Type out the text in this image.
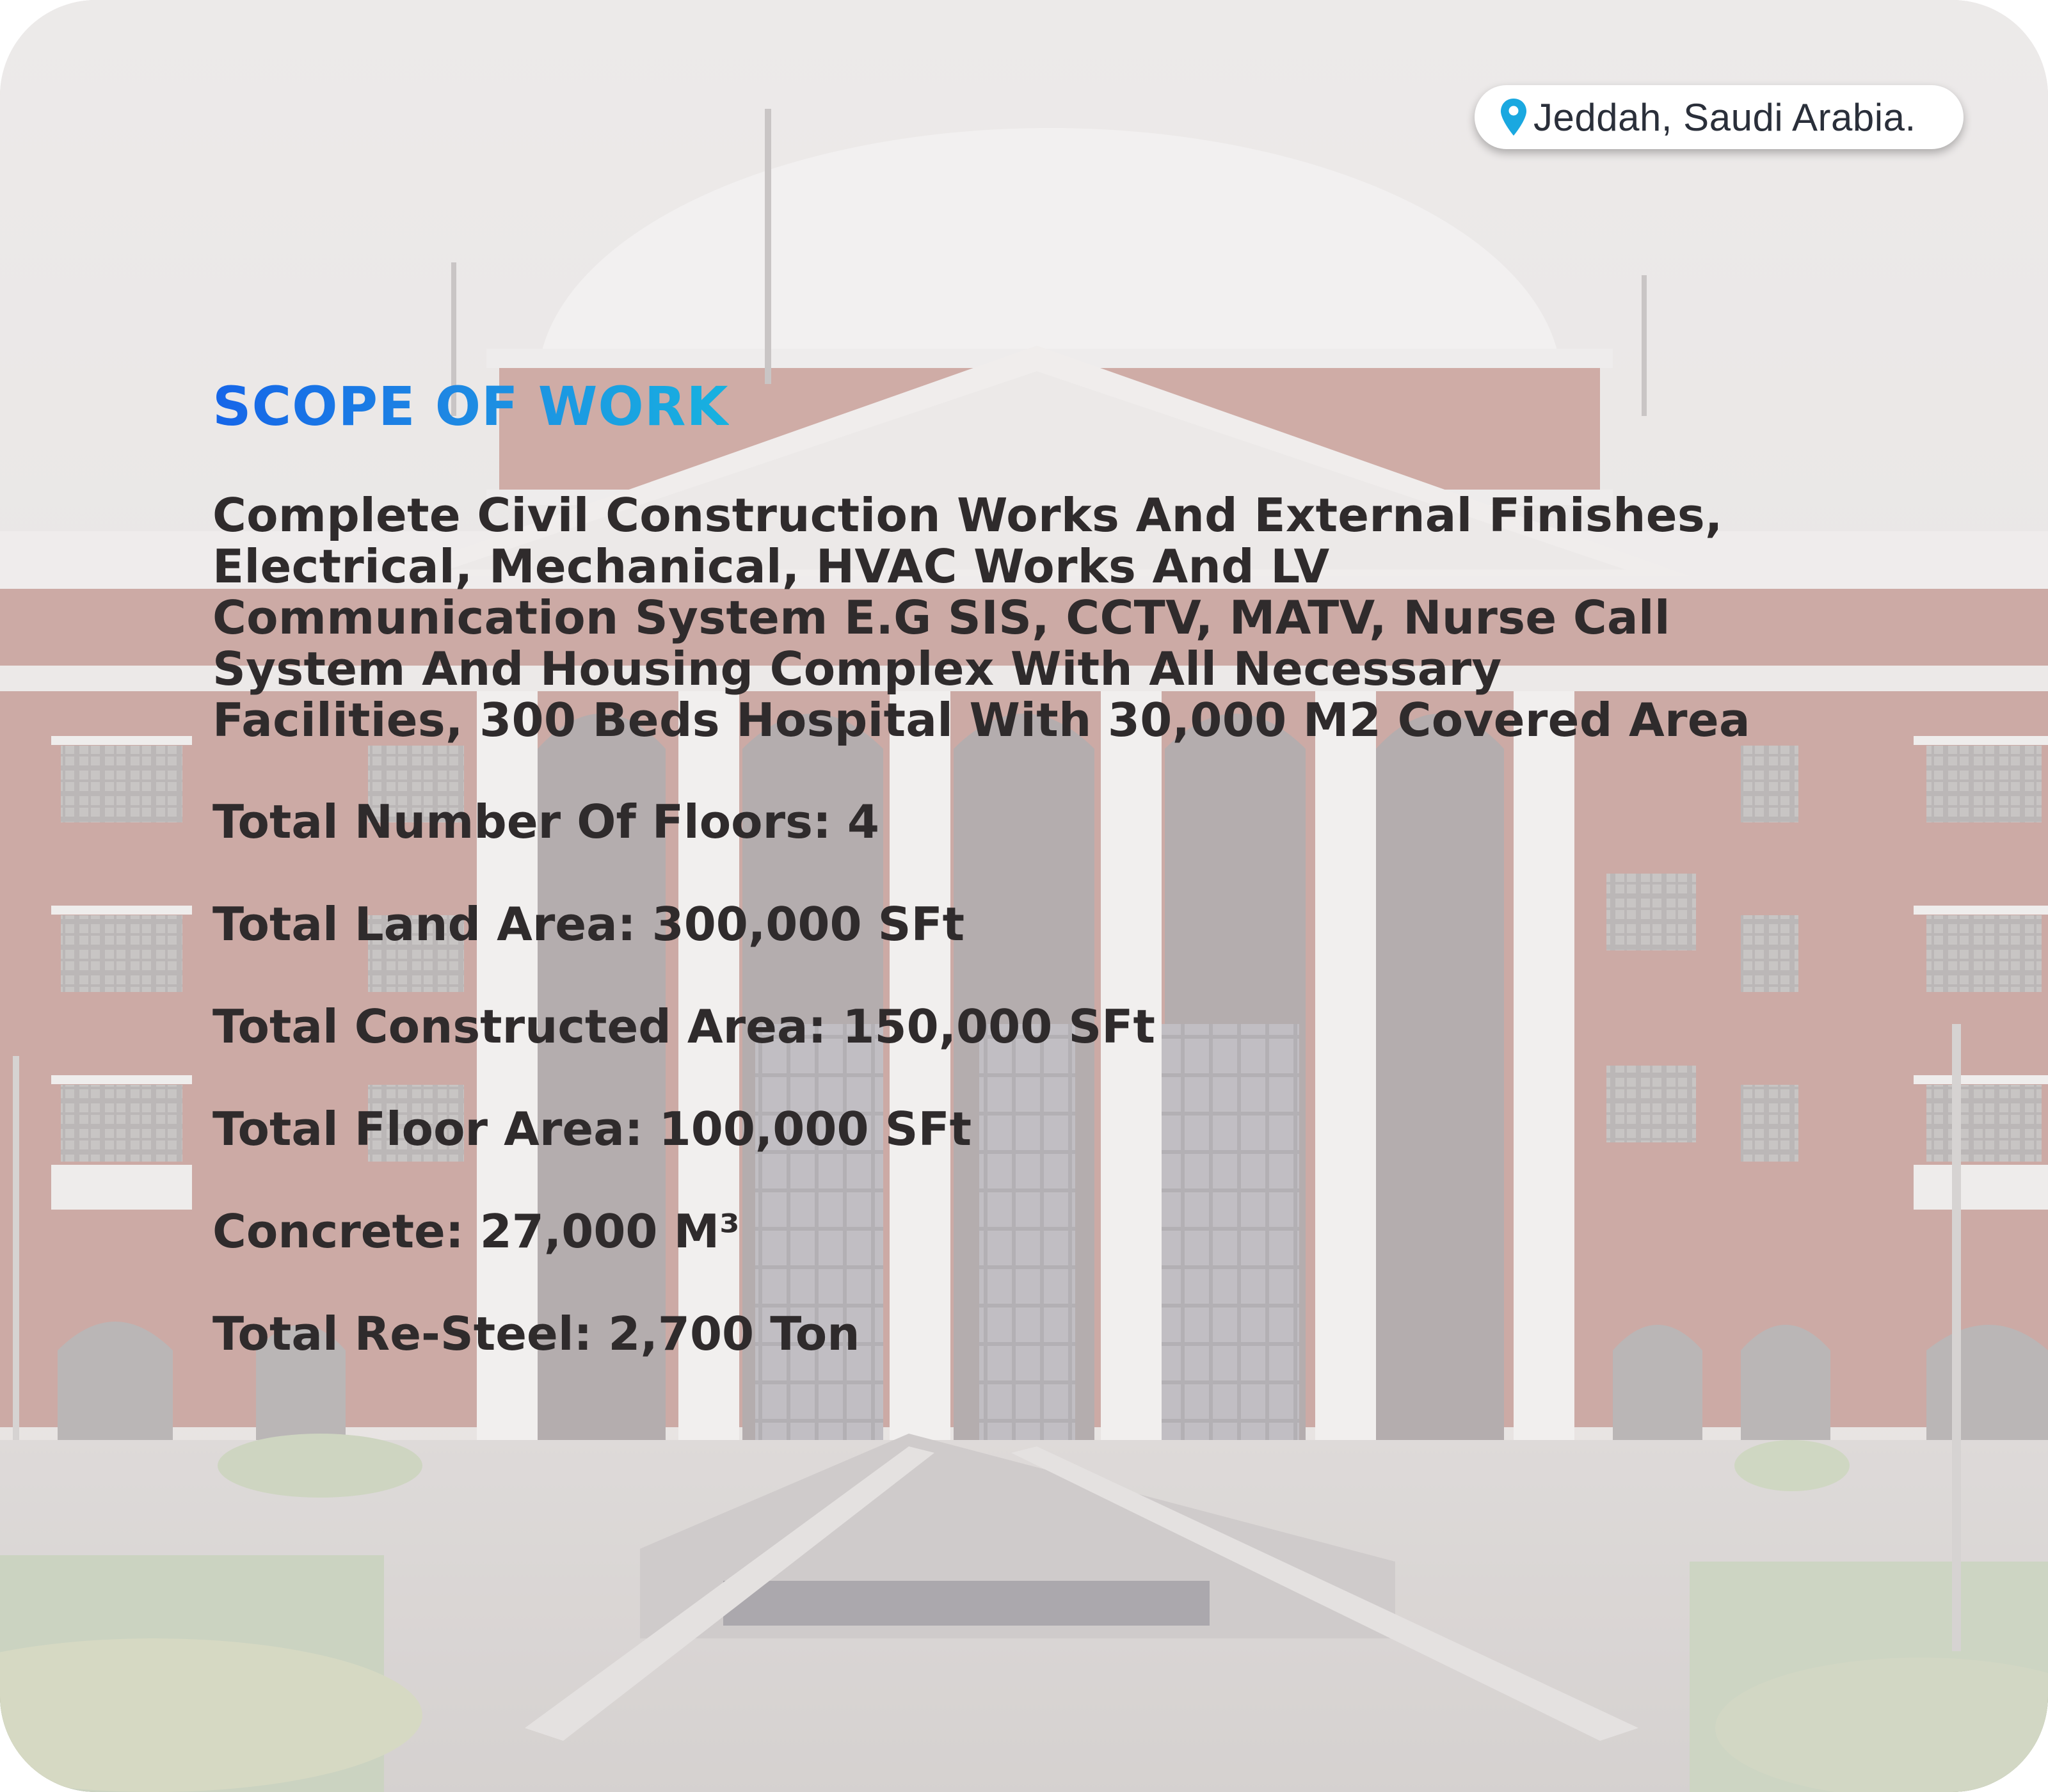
Jeddah, Saudi Arabia.
SCOPE OF WORK

Complete Civil Construction Works And External Finishes,
Electrical, Mechanical, HVAC Works And LV
Communication System E.G SIS, CCTV, MATV, Nurse Call
System And Housing Complex With All Necessary
Facilities, 300 Beds Hospital With 30,000 M2 Covered Area

Total Number Of Floors: 4
Total Land Area: 300,000 SFt
Total Constructed Area: 150,000 SFt
Total Floor Area: 100,000 SFt
Concrete: 27,000 M³
Total Re-Steel: 2,700 Ton
